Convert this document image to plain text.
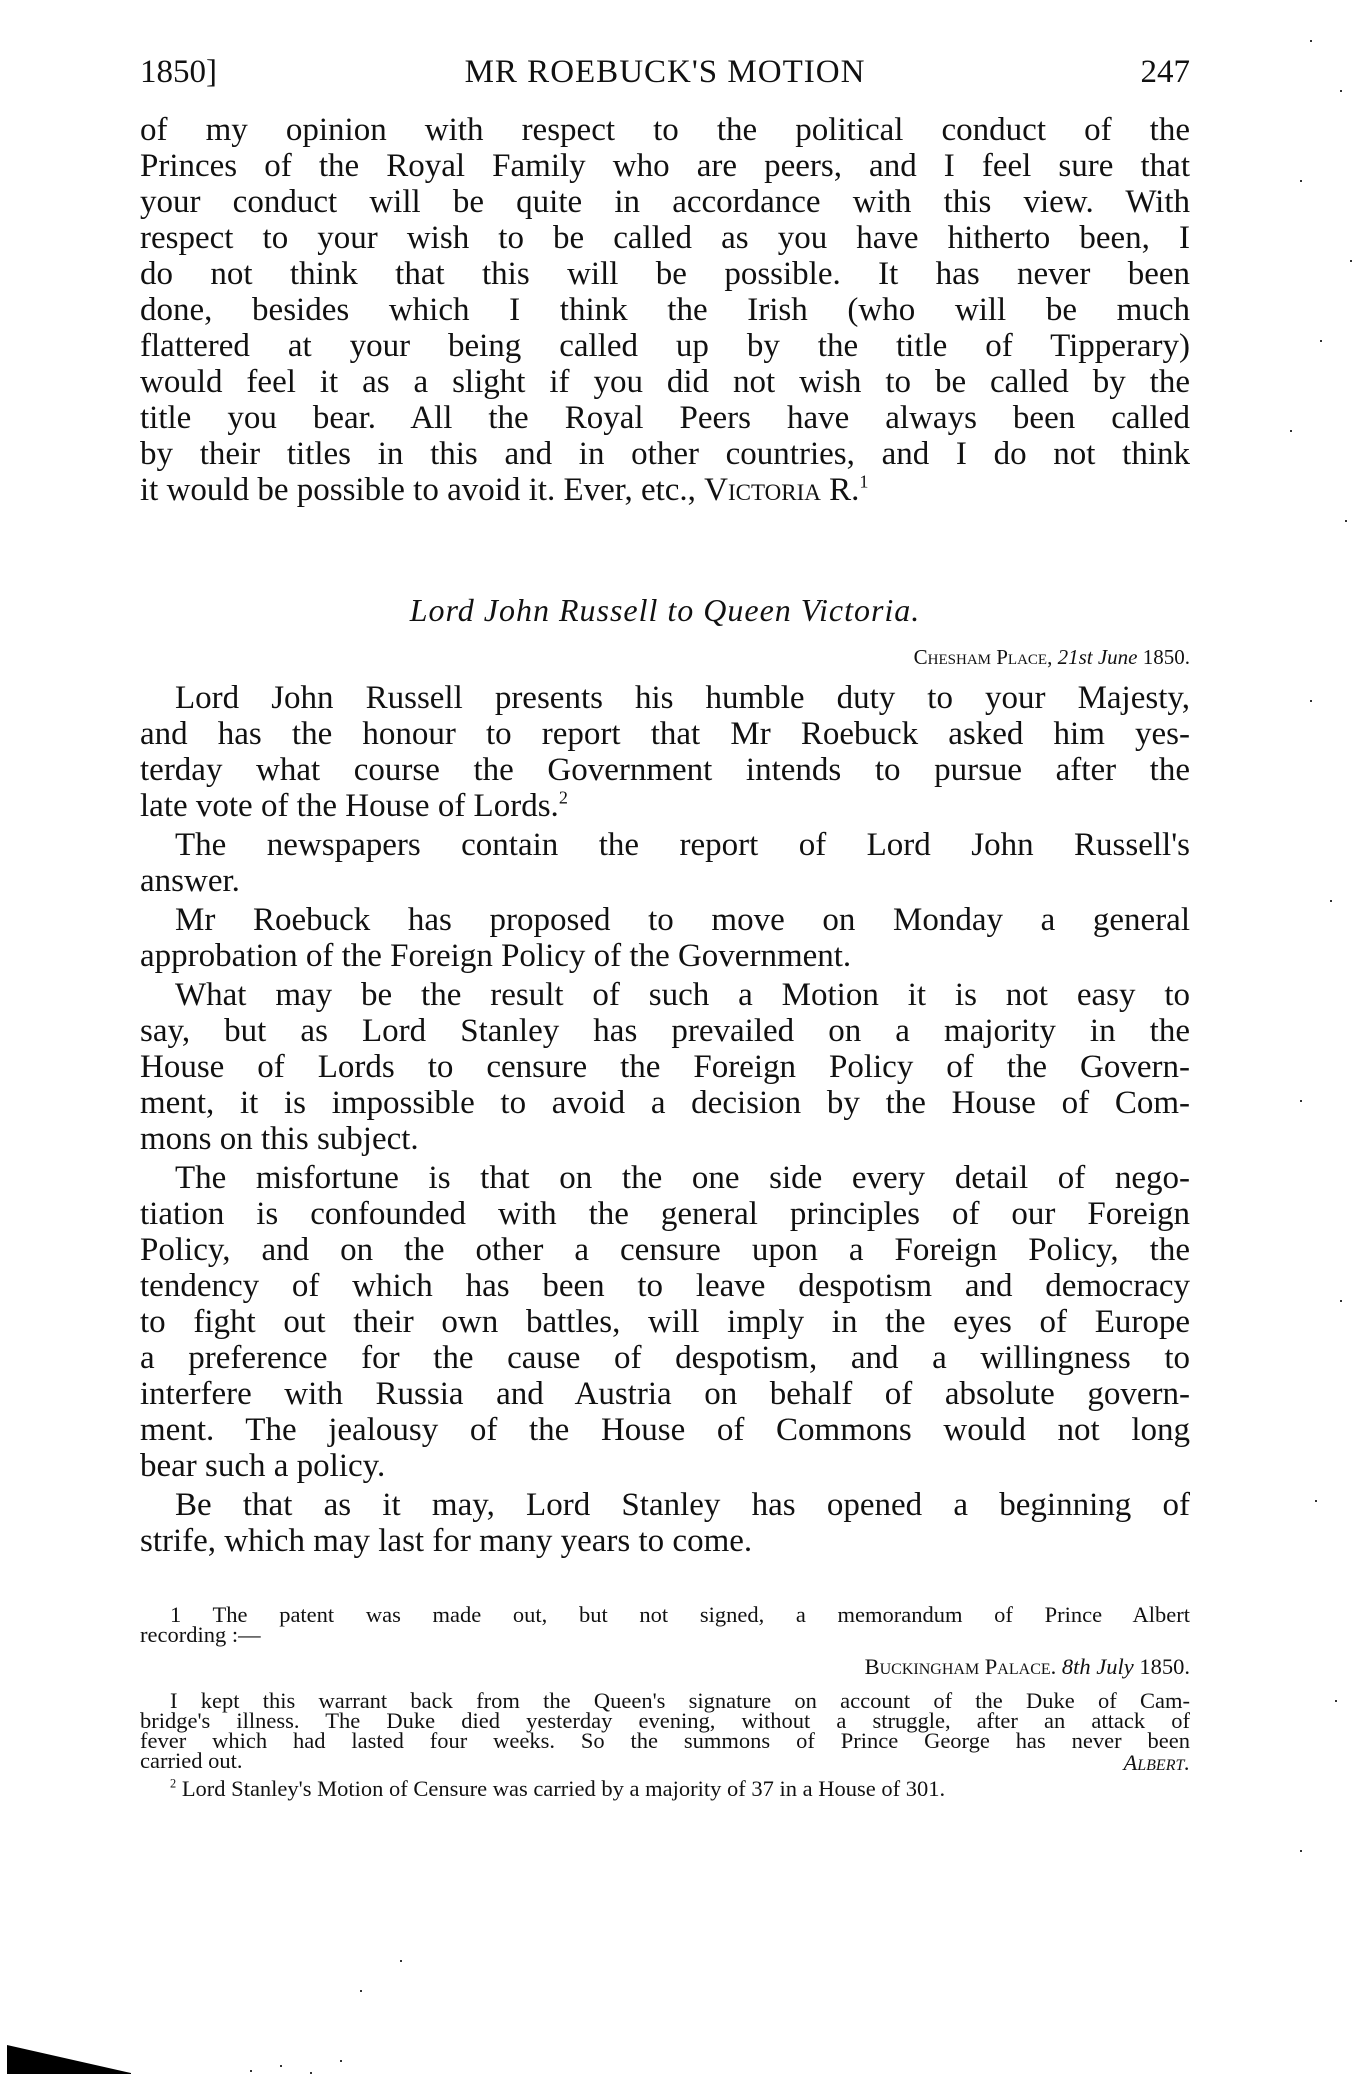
1850]	MR ROEBUCK'S MOTION	247
of my opinion with respect to the political conduct of the
Princes of the Royal Family who are peers, and I feel sure that
your conduct will be quite in accordance with this view. With
respect to your wish to be called as you have hitherto been, I
do not think that this will be possible. It has never been
done, besides which I think the Irish (who will be much
flattered at your being called up by the title of Tipperary)
would feel it as a slight if you did not wish to be called by the
title you bear. All the Royal Peers have always been called
by their titles in this and in other countries, and I do not think
it would be possible to avoid it. Ever, etc., Victoria R.$^1$
Lord John Russell to Queen Victoria.
Chesham Place, 21st June 1850.
Lord John Russell presents his humble duty to your Majesty,
and has the honour to report that Mr Roebuck asked him yes-
terday what course the Government intends to pursue after the
late vote of the House of Lords.$^2$
The newspapers contain the report of Lord John Russell's
answer.
Mr Roebuck has proposed to move on Monday a general
approbation of the Foreign Policy of the Government.
What may be the result of such a Motion it is not easy to
say, but as Lord Stanley has prevailed on a majority in the
House of Lords to censure the Foreign Policy of the Govern-
ment, it is impossible to avoid a decision by the House of Com-
mons on this subject.
The misfortune is that on the one side every detail of nego-
tiation is confounded with the general principles of our Foreign
Policy, and on the other a censure upon a Foreign Policy, the
tendency of which has been to leave despotism and democracy
to fight out their own battles, will imply in the eyes of Europe
a preference for the cause of despotism, and a willingness to
interfere with Russia and Austria on behalf of absolute govern-
ment. The jealousy of the House of Commons would not long
bear such a policy.
Be that as it may, Lord Stanley has opened a beginning of
strife, which may last for many years to come.
1 The patent was made out, but not signed, a memorandum of Prince Albert
recording :—
Buckingham Palace. 8th July 1850.
I kept this warrant back from the Queen's signature on account of the Duke of Cam-
bridge's illness. The Duke died yesterday evening, without a struggle, after an attack of
fever which had lasted four weeks. So the summons of Prince George has never been
carried out.	Albert.
$^2$ Lord Stanley's Motion of Censure was carried by a majority of 37 in a House of 301.
